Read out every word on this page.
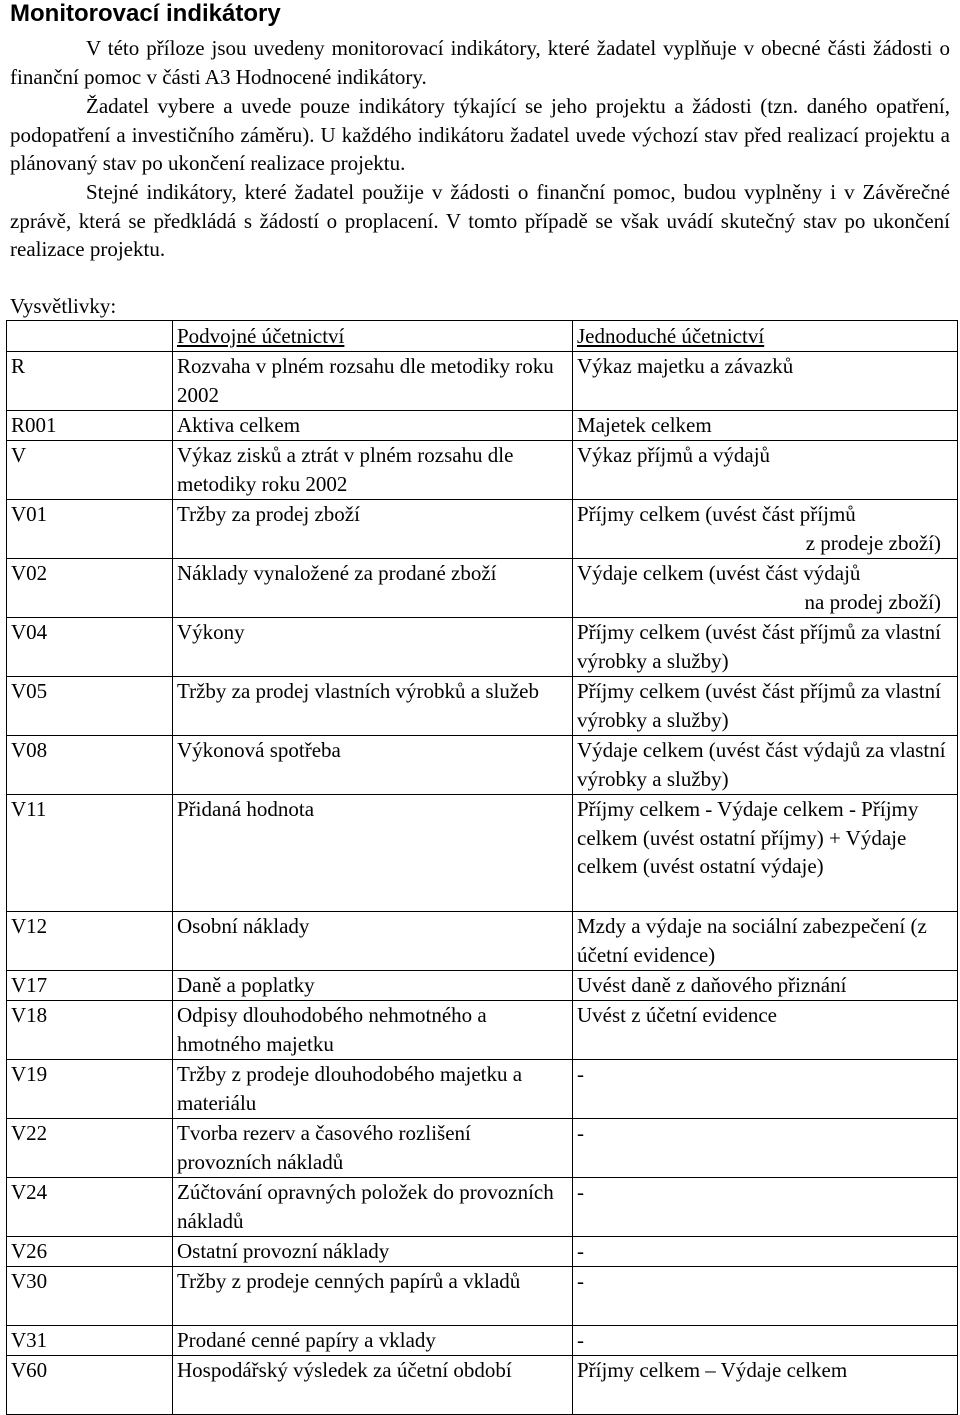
Monitorovací indikátory

V této příloze jsou uvedeny monitorovací indikátory, které žadatel vyplňuje v obecné části žádosti o finanční pomoc v části A3 Hodnocené indikátory.

Žadatel vybere a uvede pouze indikátory týkající se jeho projektu a žádosti (tzn. daného opatření, podopatření a investičního záměru). U každého indikátoru žadatel uvede výchozí stav před realizací projektu a plánovaný stav po ukončení realizace projektu.

Stejné indikátory, které žadatel použije v žádosti o finanční pomoc, budou vyplněny i v Závěrečné zprávě, která se předkládá s žádostí o proplacení. V tomto případě se však uvádí skutečný stav po ukončení realizace projektu.

Vysvětlivky:
	Podvojné účetnictví	Jednoduché účetnictví
R	Rozvaha v plném rozsahu dle metodiky roku 2002	Výkaz majetku a závazků
R001	Aktiva celkem	Majetek celkem
V	Výkaz zisků a ztrát v plném rozsahu dle metodiky roku 2002	Výkaz příjmů a výdajů
V01	Tržby za prodej zboží	Příjmy celkem (uvést část příjmů
z prodeje zboží)

V02	Náklady vynaložené za prodané zboží	Výdaje celkem (uvést část výdajů
na prodej zboží)

V04	Výkony	Příjmy celkem (uvést část příjmů za vlastní výrobky a služby)
V05	Tržby za prodej vlastních výrobků a služeb	Příjmy celkem (uvést část příjmů za vlastní výrobky a služby)
V08	Výkonová spotřeba	Výdaje celkem (uvést část výdajů za vlastní výrobky a služby)
V11	Přidaná hodnota	Příjmy celkem - Výdaje celkem - Příjmy celkem (uvést ostatní příjmy) + Výdaje celkem (uvést ostatní výdaje)
V12	Osobní náklady	Mzdy a výdaje na sociální zabezpečení (z účetní evidence)
V17	Daně a poplatky	Uvést daně z daňového přiznání
V18	Odpisy dlouhodobého nehmotného a hmotného majetku	Uvést z účetní evidence
V19	Tržby z prodeje dlouhodobého majetku a materiálu	-
V22	Tvorba rezerv a časového rozlišení provozních nákladů	-
V24	Zúčtování opravných položek do provozních nákladů	-
V26	Ostatní provozní náklady	-
V30	Tržby z prodeje cenných papírů a vkladů	-
V31	Prodané cenné papíry a vklady	-
V60	Hospodářský výsledek za účetní období	Příjmy celkem – Výdaje celkem
